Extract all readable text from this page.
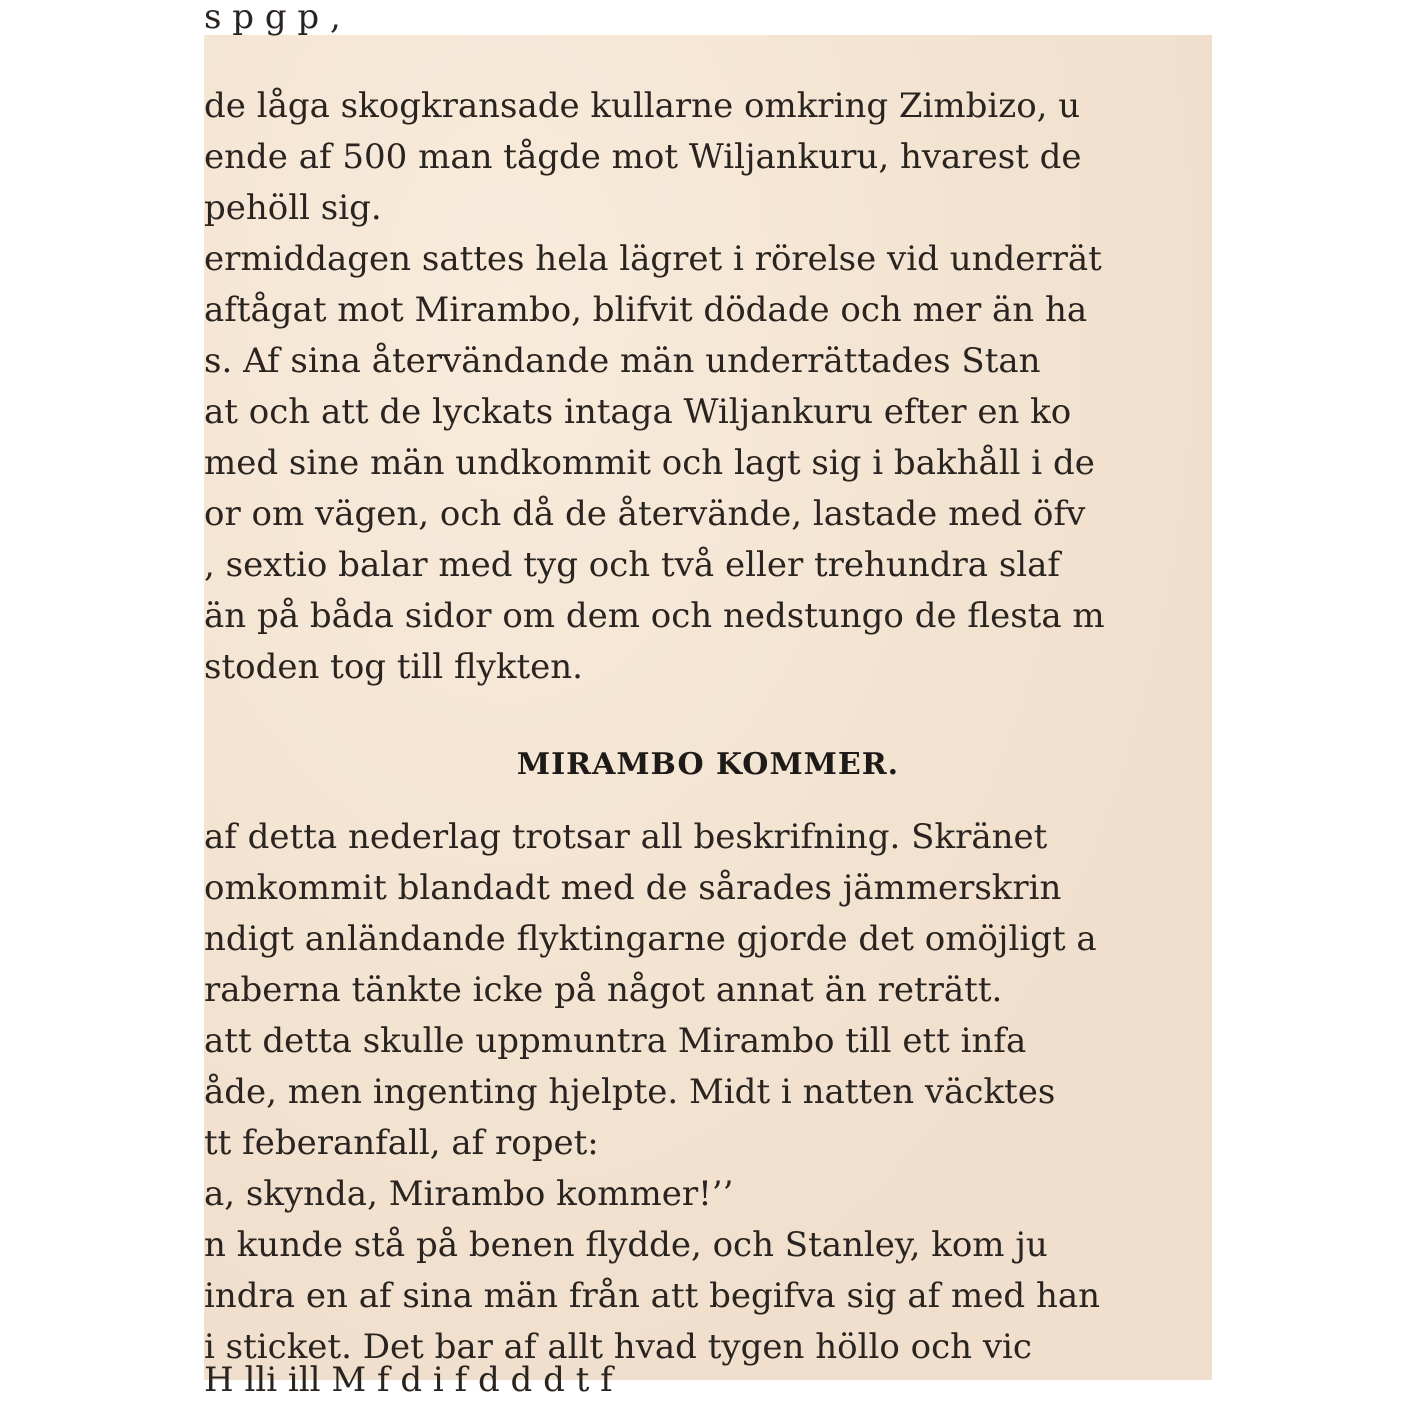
s p g p ,
de låga skogkransade kullarne omkring Zimbizo, u
ende af 500 man tågde mot Wiljankuru, hvarest de
pehöll sig.
ermiddagen sattes hela lägret i rörelse vid underrät
aftågat mot Mirambo, blifvit dödade och mer än ha
s. Af sina återvändande män underrättades Stan
at och att de lyckats intaga Wiljankuru efter en ko
med sine män undkommit och lagt sig i bakhåll i de
or om vägen, och då de återvände, lastade med öfv
, sextio balar med tyg och två eller trehundra slaf
än på båda sidor om dem och nedstungo de flesta m
stoden tog till flykten.
MIRAMBO KOMMER.
af detta nederlag trotsar all beskrifning. Skränet
omkommit blandadt med de sårades jämmerskrin
ndigt anländande flyktingarne gjorde det omöjligt a
raberna tänkte icke på något annat än reträtt.
att detta skulle uppmuntra Mirambo till ett infa
åde, men ingenting hjelpte. Midt i natten väcktes
tt feberanfall, af ropet:
a, skynda, Mirambo kommer!’’
n kunde stå på benen flydde, och Stanley, kom ju
indra en af sina män från att begifva sig af med han
i sticket. Det bar af allt hvad tygen höllo och vic
H lli ill M f d i f d d d t f
